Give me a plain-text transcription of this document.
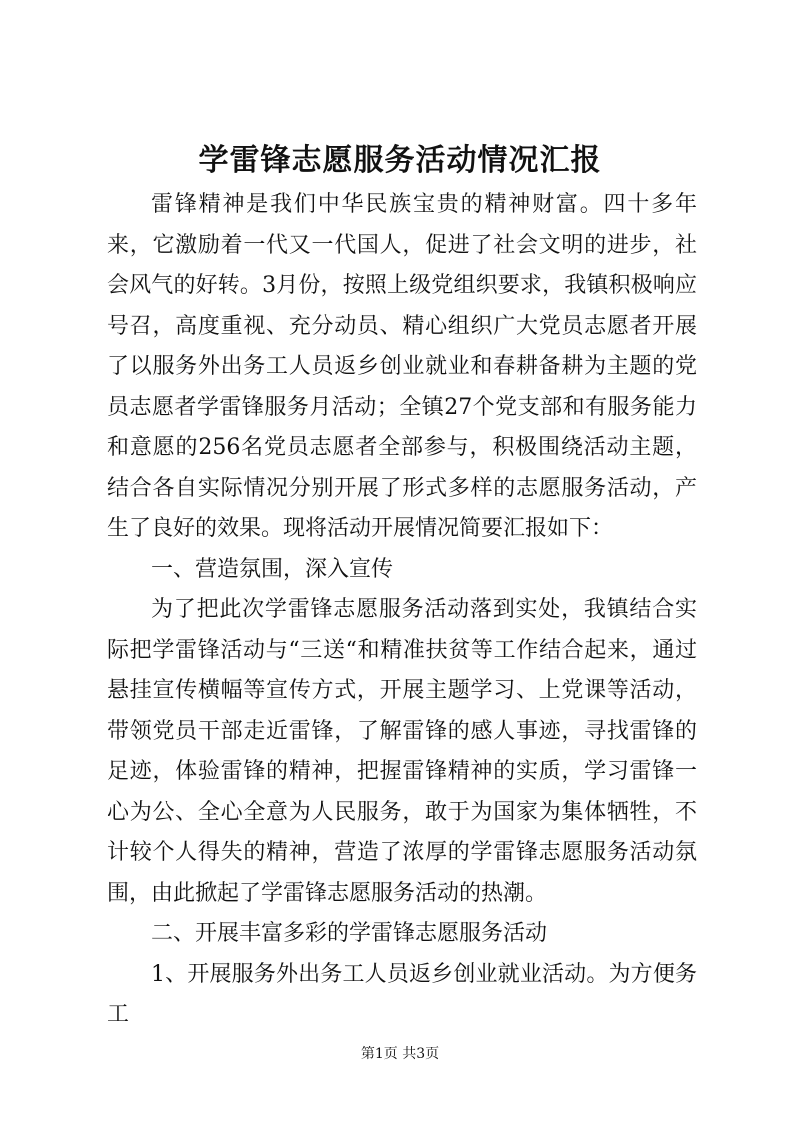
学雷锋志愿服务活动情况汇报

雷锋精神是我们中华民族宝贵的精神财富。四十多年来，它激励着一代又一代国人，促进了社会文明的进步，社会风气的好转。3月份，按照上级党组织要求，我镇积极响应号召，高度重视、充分动员、精心组织广大党员志愿者开展了以服务外出务工人员返乡创业就业和春耕备耕为主题的党员志愿者学雷锋服务月活动；全镇27个党支部和有服务能力和意愿的256名党员志愿者全部参与，积极围绕活动主题，结合各自实际情况分别开展了形式多样的志愿服务活动，产生了良好的效果。现将活动开展情况简要汇报如下：

一、营造氛围，深入宣传

为了把此次学雷锋志愿服务活动落到实处，我镇结合实际把学雷锋活动与“三送“和精准扶贫等工作结合起来，通过悬挂宣传横幅等宣传方式，开展主题学习、上党课等活动，带领党员干部走近雷锋，了解雷锋的感人事迹，寻找雷锋的足迹，体验雷锋的精神，把握雷锋精神的实质，学习雷锋一心为公、全心全意为人民服务，敢于为国家为集体牺牲，不计较个人得失的精神，营造了浓厚的学雷锋志愿服务活动氛围，由此掀起了学雷锋志愿服务活动的热潮。

二、开展丰富多彩的学雷锋志愿服务活动

1、开展服务外出务工人员返乡创业就业活动。为方便务工

第1页 共3页
